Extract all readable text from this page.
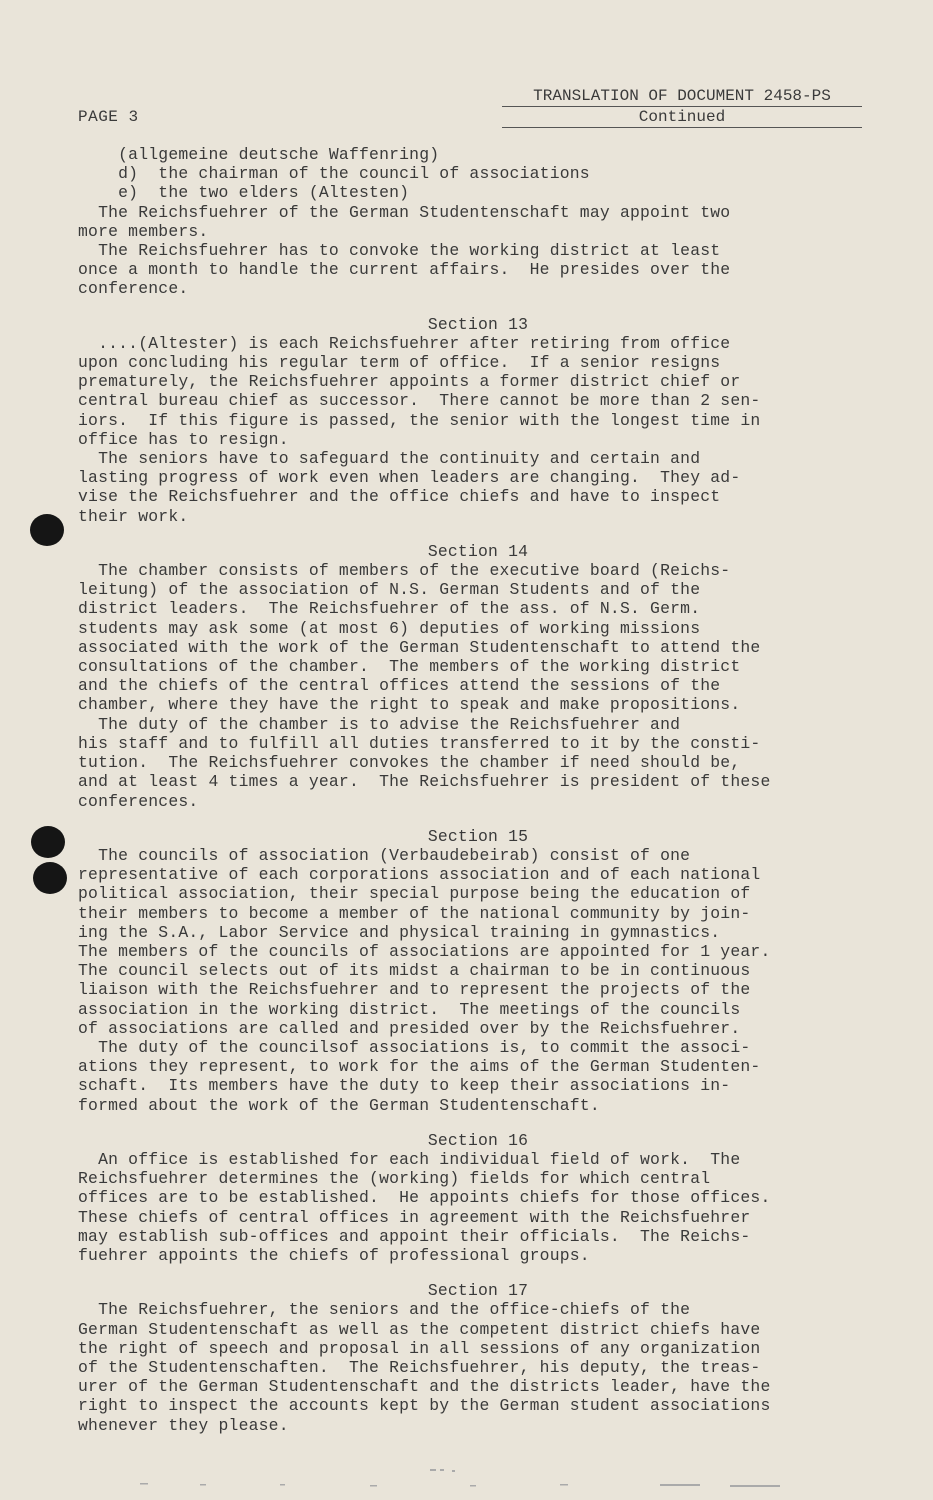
PAGE 3
TRANSLATION OF DOCUMENT 2458-PS
Continued
(allgemeine deutsche Waffenring)
d)  the chairman of the council of associations
e)  the two elders (Altesten)
The Reichsfuehrer of the German Studentenschaft may appoint two
more members.
The Reichsfuehrer has to convoke the working district at least
once a month to handle the current affairs.  He presides over the
conference.
Section 13
....(Altester) is each Reichsfuehrer after retiring from office
upon concluding his regular term of office.  If a senior resigns
prematurely, the Reichsfuehrer appoints a former district chief or
central bureau chief as successor.  There cannot be more than 2 sen-
iors.  If this figure is passed, the senior with the longest time in
office has to resign.
The seniors have to safeguard the continuity and certain and
lasting progress of work even when leaders are changing.  They ad-
vise the Reichsfuehrer and the office chiefs and have to inspect
their work.
Section 14
The chamber consists of members of the executive board (Reichs-
leitung) of the association of N.S. German Students and of the
district leaders.  The Reichsfuehrer of the ass. of N.S. Germ.
students may ask some (at most 6) deputies of working missions
associated with the work of the German Studentenschaft to attend the
consultations of the chamber.  The members of the working district
and the chiefs of the central offices attend the sessions of the
chamber, where they have the right to speak and make propositions.
The duty of the chamber is to advise the Reichsfuehrer and
his staff and to fulfill all duties transferred to it by the consti-
tution.  The Reichsfuehrer convokes the chamber if need should be,
and at least 4 times a year.  The Reichsfuehrer is president of these
conferences.
Section 15
The councils of association (Verbaudebeirab) consist of one
representative of each corporations association and of each national
political association, their special purpose being the education of
their members to become a member of the national community by join-
ing the S.A., Labor Service and physical training in gymnastics.
The members of the councils of associations are appointed for 1 year.
The council selects out of its midst a chairman to be in continuous
liaison with the Reichsfuehrer and to represent the projects of the
association in the working district.  The meetings of the councils
of associations are called and presided over by the Reichsfuehrer.
The duty of the councilsof associations is, to commit the associ-
ations they represent, to work for the aims of the German Studenten-
schaft.  Its members have the duty to keep their associations in-
formed about the work of the German Studentenschaft.
Section 16
An office is established for each individual field of work.  The
Reichsfuehrer determines the (working) fields for which central
offices are to be established.  He appoints chiefs for those offices.
These chiefs of central offices in agreement with the Reichsfuehrer
may establish sub-offices and appoint their officials.  The Reichs-
fuehrer appoints the chiefs of professional groups.
Section 17
The Reichsfuehrer, the seniors and the office-chiefs of the
German Studentenschaft as well as the competent district chiefs have
the right of speech and proposal in all sessions of any organization
of the Studentenschaften.  The Reichsfuehrer, his deputy, the treas-
urer of the German Studentenschaft and the districts leader, have the
right to inspect the accounts kept by the German student associations
whenever they please.
